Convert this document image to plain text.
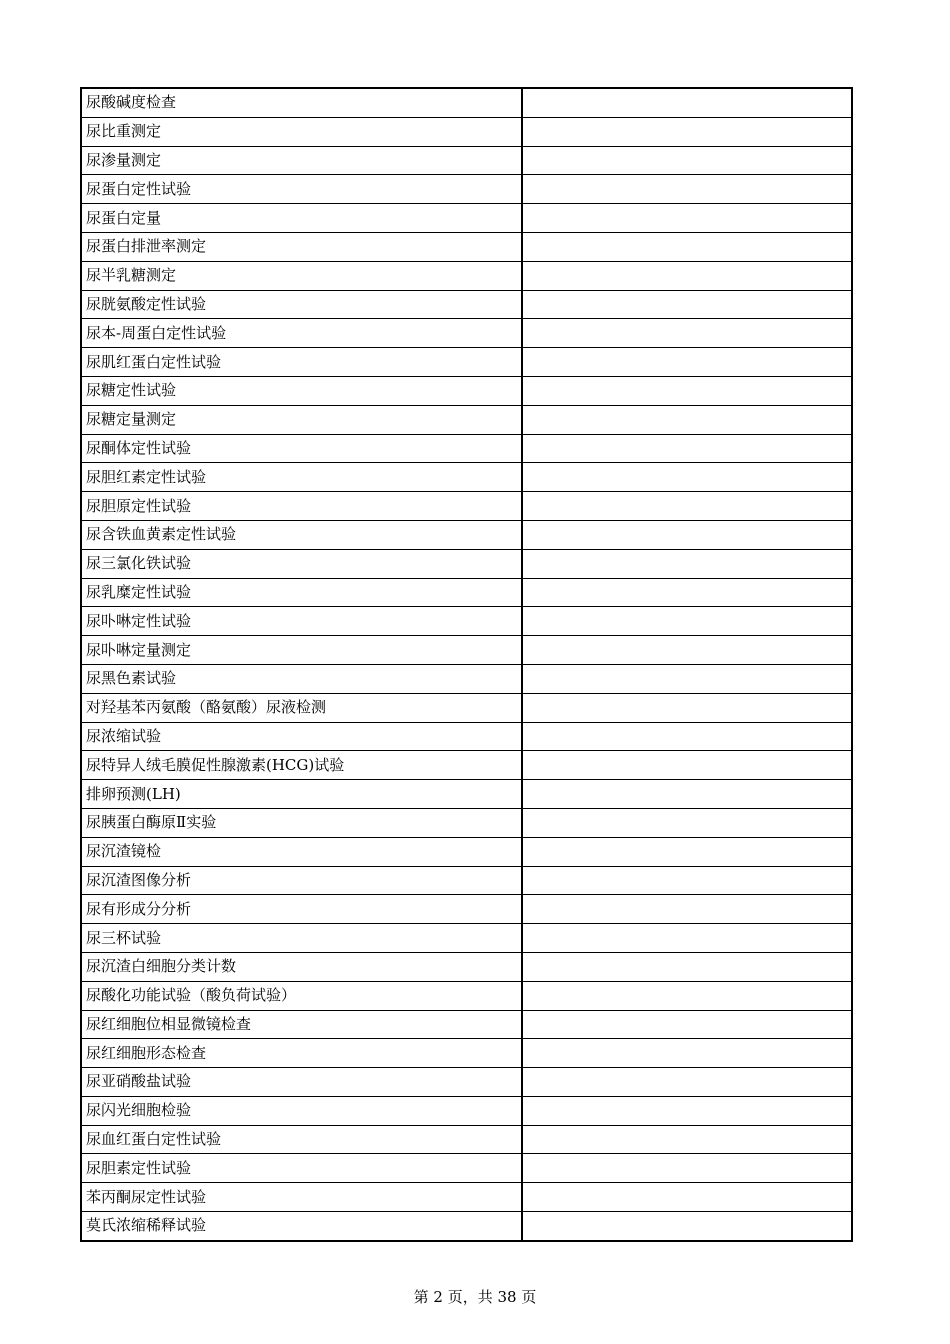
尿酸碱度检查	
尿比重测定	
尿渗量测定	
尿蛋白定性试验	
尿蛋白定量	
尿蛋白排泄率测定	
尿半乳糖测定	
尿胱氨酸定性试验	
尿本-周蛋白定性试验	
尿肌红蛋白定性试验	
尿糖定性试验	
尿糖定量测定	
尿酮体定性试验	
尿胆红素定性试验	
尿胆原定性试验	
尿含铁血黄素定性试验	
尿三氯化铁试验	
尿乳糜定性试验	
尿卟啉定性试验	
尿卟啉定量测定	
尿黑色素试验	
对羟基苯丙氨酸（酪氨酸）尿液检测	
尿浓缩试验	
尿特异人绒毛膜促性腺激素(HCG)试验	
排卵预测(LH)	
尿胰蛋白酶原Ⅱ实验	
尿沉渣镜检	
尿沉渣图像分析	
尿有形成分分析	
尿三杯试验	
尿沉渣白细胞分类计数	
尿酸化功能试验（酸负荷试验）	
尿红细胞位相显微镜检查	
尿红细胞形态检查	
尿亚硝酸盐试验	
尿闪光细胞检验	
尿血红蛋白定性试验	
尿胆素定性试验	
苯丙酮尿定性试验	
莫氏浓缩稀释试验	
第 2 页，共 38 页
